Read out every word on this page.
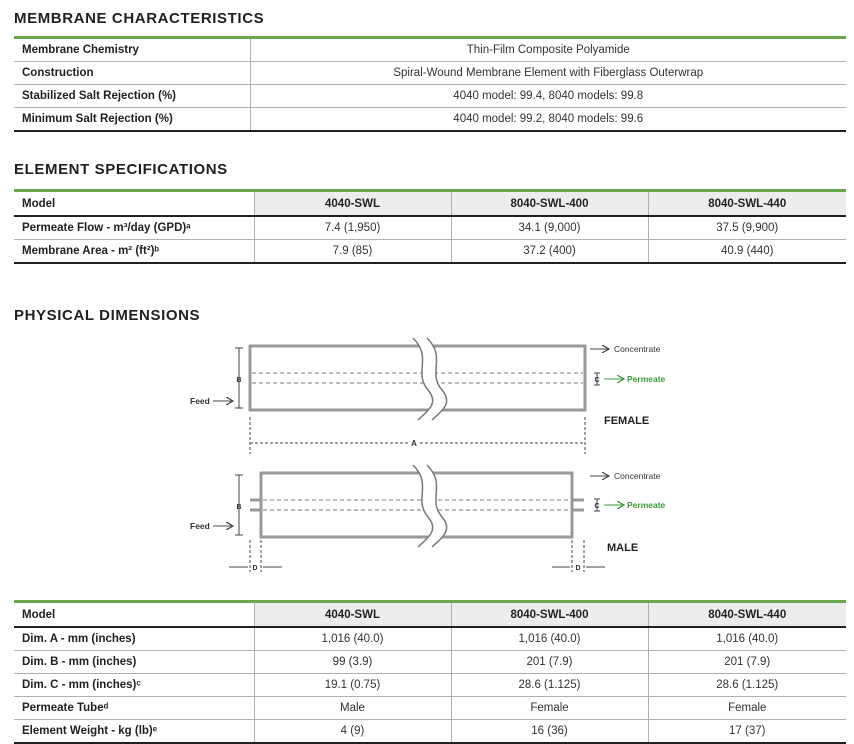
MEMBRANE CHARACTERISTICS
Membrane Chemistry	Thin-Film Composite Polyamide
Construction	Spiral-Wound Membrane Element with Fiberglass Outerwrap
Stabilized Salt Rejection (%)	4040 model: 99.4, 8040 models: 99.8
Minimum Salt Rejection (%)	4040 model: 99.2, 8040 models: 99.6
ELEMENT SPECIFICATIONS
Model	4040-SWL	8040-SWL-400	8040-SWL-440
Permeate Flow - m³/day (GPD)ᵃ	7.4 (1,950)	34.1 (9,000)	37.5 (9,900)
Membrane Area - m² (ft²)ᵇ	7.9 (85)	37.2 (400)	40.9 (440)
PHYSICAL DIMENSIONS
A
Concentrate
Permeate
Feed
FEMALE
B	C
Concentrate
Permeate
Feed
MALE
B	C
D	D
Model	4040-SWL	8040-SWL-400	8040-SWL-440
Dim. A - mm (inches)	1,016 (40.0)	1,016 (40.0)	1,016 (40.0)
Dim. B - mm (inches)	99 (3.9)	201 (7.9)	201 (7.9)
Dim. C - mm (inches)ᶜ	19.1 (0.75)	28.6 (1.125)	28.6 (1.125)
Permeate Tubeᵈ	Male	Female	Female
Element Weight - kg (lb)ᵉ	4 (9)	16 (36)	17 (37)
